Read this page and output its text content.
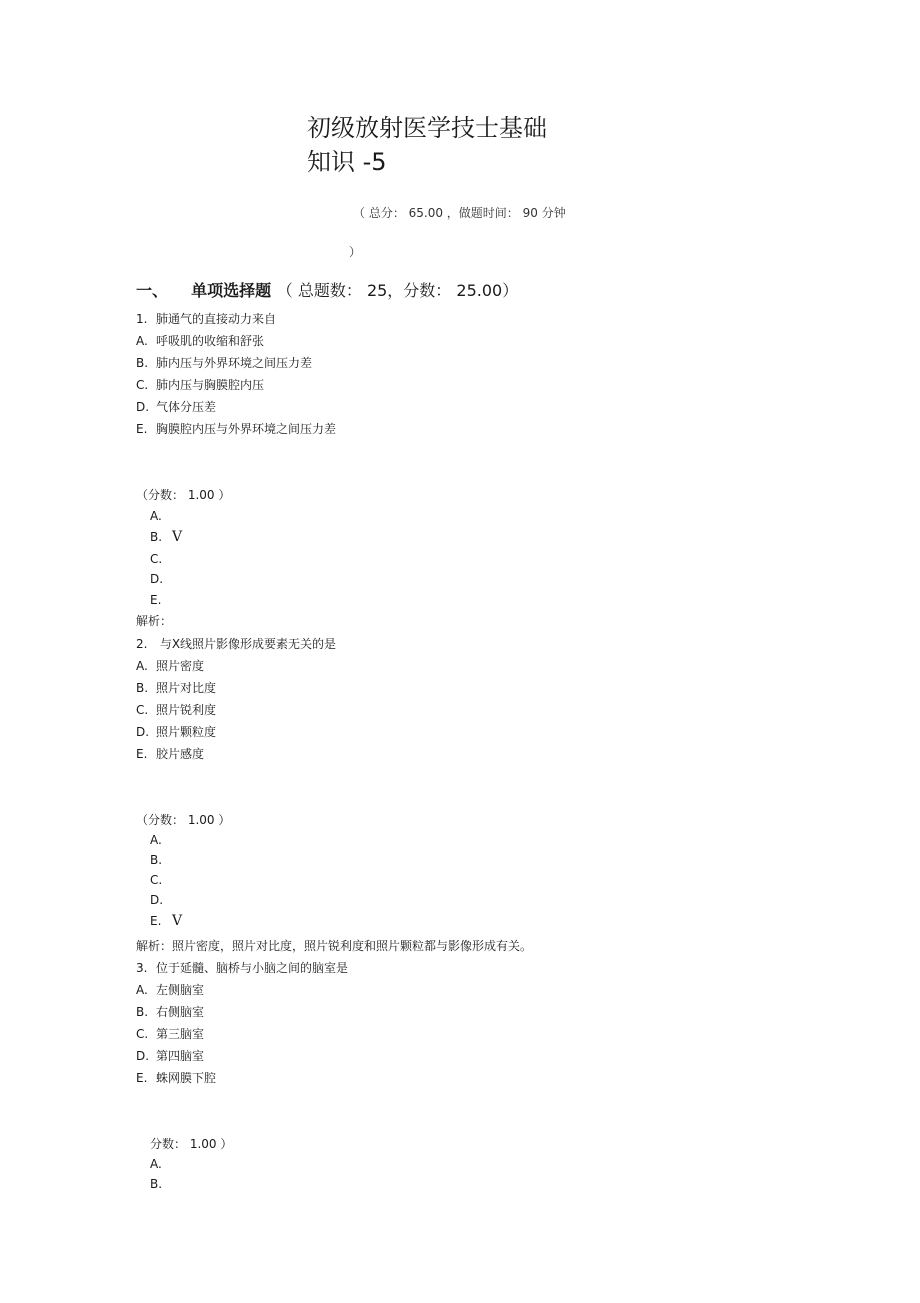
初级放射医学技士基础
知识 -5
（ 总分： 65.00 ，做题时间： 90 分钟
）
一、 单项选择题 （ 总题数： 25，分数： 25.00）
1. 肺通气的直接动力来自
A. 呼吸肌的收缩和舒张
B. 肺内压与外界环境之间压力差
C. 肺内压与胸膜腔内压
D. 气体分压差
E. 胸膜腔内压与外界环境之间压力差
（分数： 1.00 ）
A.
B. V
C.
D.
E.
解析：
2. 与X线照片影像形成要素无关的是
A. 照片密度
B. 照片对比度
C. 照片锐利度
D. 照片颗粒度
E. 胶片感度
（分数： 1.00 ）
A.
B.
C.
D.
E. V
解析：照片密度，照片对比度，照片锐利度和照片颗粒都与影像形成有关。
3. 位于延髓、脑桥与小脑之间的脑室是
A. 左侧脑室
B. 右侧脑室
C. 第三脑室
D. 第四脑室
E. 蛛网膜下腔
分数： 1.00 ）
A.
B.
